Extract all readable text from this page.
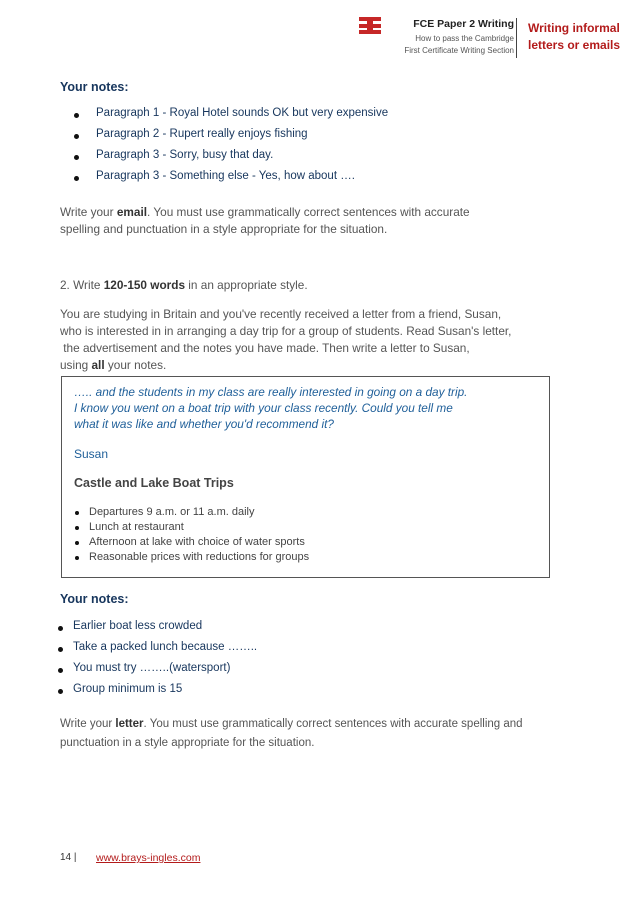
FCE Paper 2 Writing
How to pass the Cambridge
First Certificate Writing Section
Writing informal
letters or emails
Your notes:
Paragraph 1 - Royal Hotel sounds OK but very expensive
Paragraph 2 - Rupert really enjoys fishing
Paragraph 3 - Sorry, busy that day.
Paragraph 3 - Something else - Yes, how about ….
Write your email. You must use grammatically correct sentences with accurate
spelling and punctuation in a style appropriate for the situation.
2. Write 120-150 words in an appropriate style.
You are studying in Britain and you've recently received a letter from a friend, Susan,
who is interested in in arranging a day trip for a group of students. Read Susan's letter,
the advertisement and the notes you have made. Then write a letter to Susan,
using all your notes.
….. and the students in my class are really interested in going on a day trip.
I know you went on a boat trip with your class recently. Could you tell me
what it was like and whether you'd recommend it?
Susan
Castle and Lake Boat Trips
Departures 9 a.m. or 11 a.m. daily
Lunch at restaurant
Afternoon at lake with choice of water sports
Reasonable prices with reductions for groups
Your notes:
Earlier boat less crowded
Take a packed lunch because ……..
You must try ……..(watersport)
Group minimum is 15
Write your letter. You must use grammatically correct sentences with accurate spelling and
punctuation in a style appropriate for the situation.
14 | www.brays-ingles.com
